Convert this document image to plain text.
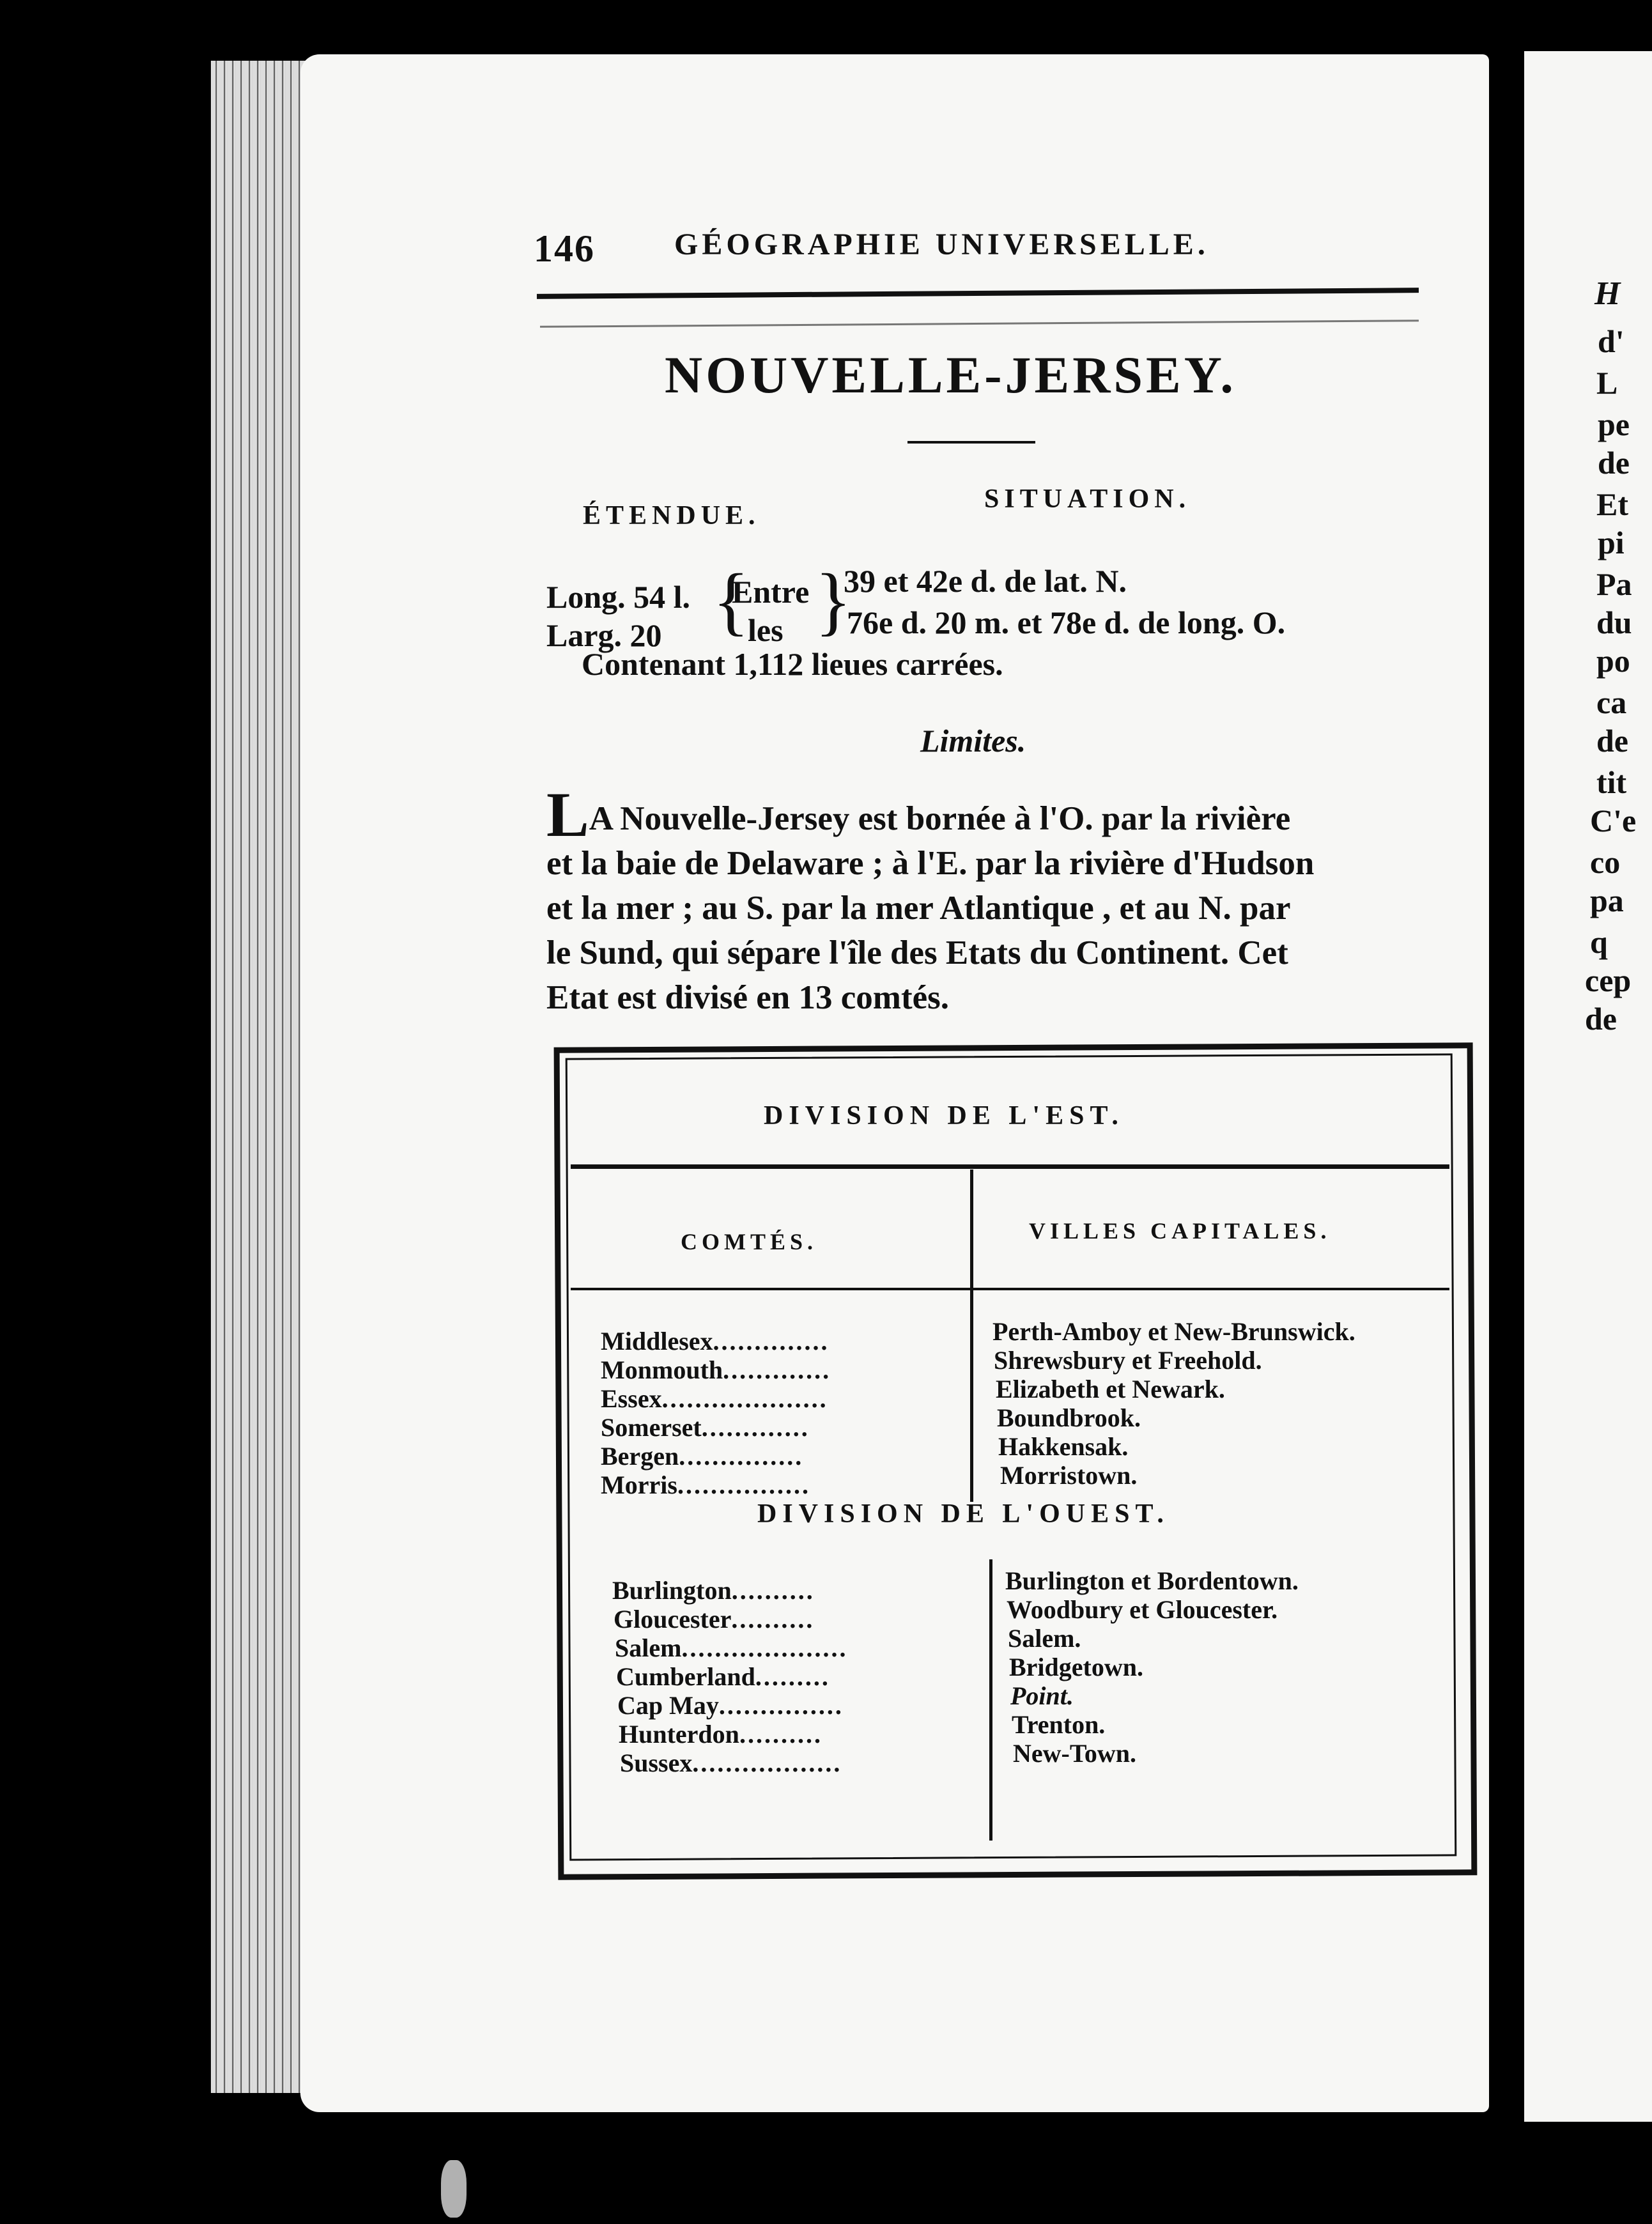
146	GÉOGRAPHIE UNIVERSELLE.
NOUVELLE-JERSEY.
ÉTENDUE.
SITUATION.
Long. 54 l.
Larg. 20 {
Entre
les }
39 et 42e d. de lat. N.
76e d. 20 m. et 78e d. de long. O.
Contenant 1,112 lieues carrées.
Limites.
LA Nouvelle-Jersey est bornée à l'O. par la rivière
et la baie de Delaware ; à l'E. par la rivière d'Hudson
et la mer ; au S. par la mer Atlantique , et au N. par
le Sund, qui sépare l'île des Etats du Continent. Cet
Etat est divisé en 13 comtés.
DIVISION DE L'EST.
COMTÉS.	VILLES CAPITALES.
Middlesex..............
Monmouth.............
Essex....................
Somerset.............
Bergen...............
Morris................
Perth-Amboy et New-Brunswick.
Shrewsbury et Freehold.
Elizabeth et Newark.
Boundbrook.
Hakkensak.
Morristown.
DIVISION DE L'OUEST.
Burlington..........
Gloucester..........
Salem....................
Cumberland.........
Cap May...............
Hunterdon..........
Sussex..................
Burlington et Bordentown.
Woodbury et Gloucester.
Salem.
Bridgetown.
Point.
Trenton.
New-Town.
H
d'
L
pe
de
Et
pi
Pa
du
po
ca
de
tit
C'e
co
pa
q
cep
de
